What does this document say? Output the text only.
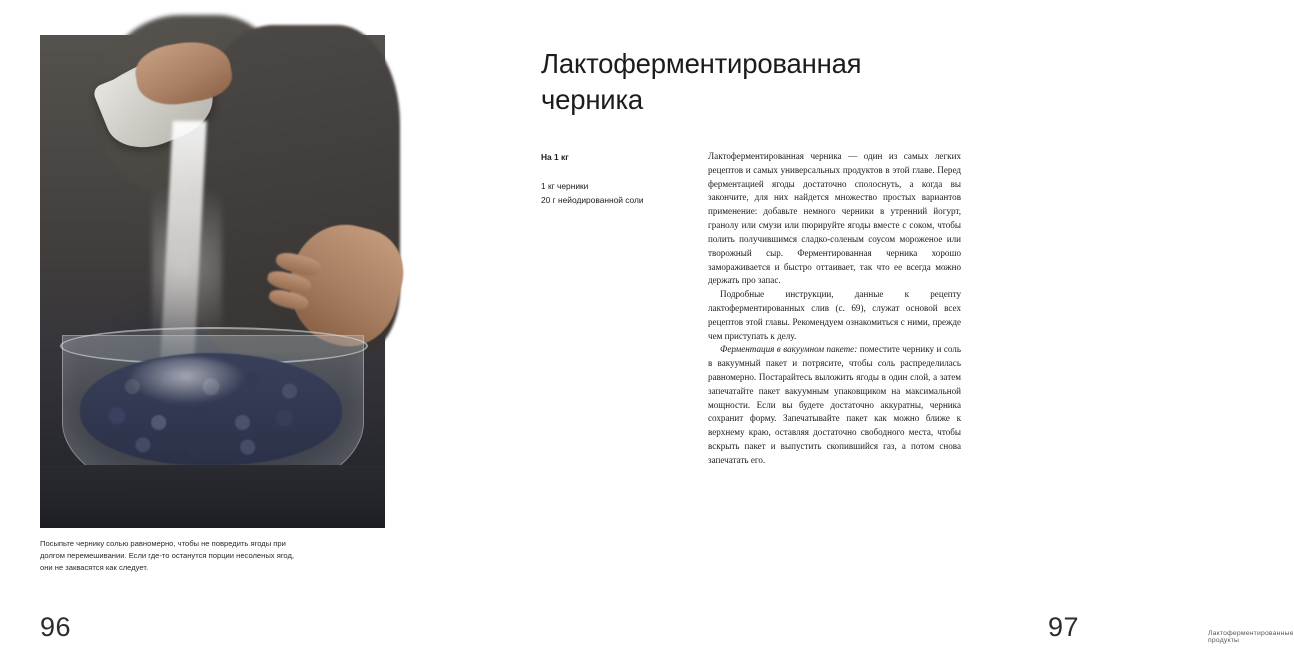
Посыпьте чернику солью равномерно, чтобы не повредить ягоды при долгом перемешивании. Если где-то останутся порции несоленых ягод, они не заквасятся как следует.
96
Лактоферментированная черника
На 1 кг
1 кг черники
20 г нейодированной соли

Лактоферментированная черника — один из самых легких рецептов и самых универсальных продуктов в этой главе. Перед ферментацией ягоды достаточно сполоснуть, а когда вы закончите, для них найдется множество простых вариантов применение: добавьте немного черники в утренний йогурт, гранолу или смузи или пюрируйте ягоды вместе с соком, чтобы полить получившимся сладко-соленым соусом мороженое или творожный сыр. Ферментированная черника хорошо замораживается и быстро оттаивает, так что ее всегда можно держать про запас.

Подробные инструкции, данные к рецепту лактоферментированных слив (с. 69), служат основой всех рецептов этой главы. Рекомендуем ознакомиться с ними, прежде чем приступать к делу.

Ферментация в вакуумном пакете: поместите чернику и соль в вакуумный пакет и потрясите, чтобы соль распределилась равномерно. Постарайтесь выложить ягоды в один слой, а затем запечатайте пакет вакуумным упаковщиком на максимальной мощности. Если вы будете достаточно аккуратны, черника сохранит форму. Запечатывайте пакет как можно ближе к верхнему краю, оставляя достаточно свободного места, чтобы вскрыть пакет и выпустить скопившийся газ, а потом снова запечатать его.

97	Лактоферментированные продукты
